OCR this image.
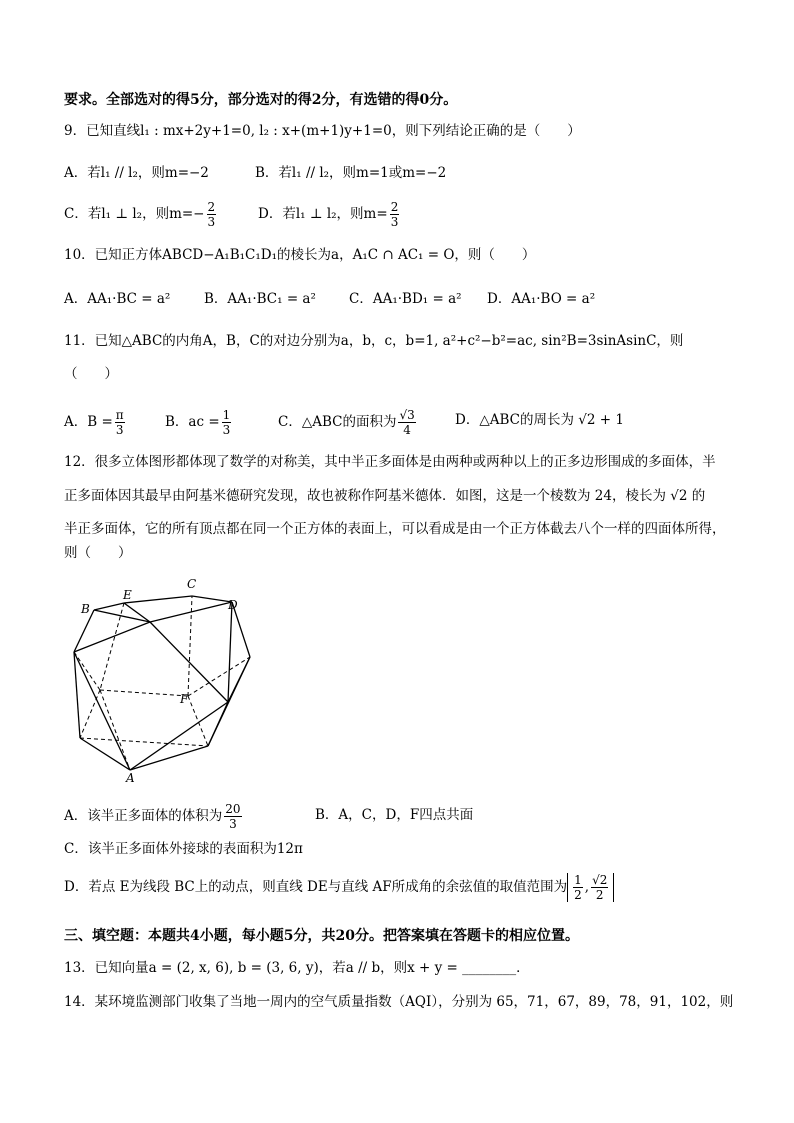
要求。全部选对的得5分，部分选对的得2分，有选错的得0分。
9．已知直线l₁ : mx+2y+1=0, l₂ : x+(m+1)y+1=0，则下列结论正确的是（　　）
A．若l₁ // l₂，则m=−2	B．若l₁ // l₂，则m=1或m=−2
C．若l₁ ⊥ l₂，则$m=- \frac{2}{3}$	D．若l₁ ⊥ l₂，则$m= \frac{2}{3}$
10．已知正方体ABCD−A₁B₁C₁D₁的棱长为a，A₁C ∩ AC₁ = O，则（　　）
A．AA₁·BC = a² B．AA₁·BC₁ = a² C．AA₁·BD₁ = a² D．AA₁·BO = a²
11．已知△ABC的内角A，B，C的对边分别为a，b，c，b=1, a²+c²−b²=ac, sin²B=3sinAsinC，则
（　　）
A．$B = \frac{\pi}{3}$	B．ac = $\frac{1}{3}$	C．△ABC的面积为 $\frac{√3}{4}$	D．△ABC的周长为 √2 + 1
12．很多立体图形都体现了数学的对称美，其中半正多面体是由两种或两种以上的正多边形围成的多面体，半
正多面体因其最早由阿基米德研究发现，故也被称作阿基米德体．如图，这是一个棱数为 24，棱长为 √2 的
半正多面体，它的所有顶点都在同一个正方体的表面上，可以看成是由一个正方体截去八个一样的四面体所得，
则（　　）
B
E
C
D
F
A
A．该半正多面体的体积为 $\frac{20}{3}$	B．A，C，D，F四点共面
C．该半正多面体外接球的表面积为12π
D．若点 E为线段 BC上的动点，则直线 DE与直线 AF所成角的余弦值的取值范围为 $\frac{1}{2}$ , $\frac{√2}{2}$
三、填空题：本题共4小题，每小题5分，共20分。把答案填在答题卡的相应位置。
13．已知向量a = (2, x, 6), b = (3, 6, y)，若a // b，则x + y = ________．
14．某环境监测部门收集了当地一周内的空气质量指数（AQI），分别为 65，71，67，89，78，91，102，则
